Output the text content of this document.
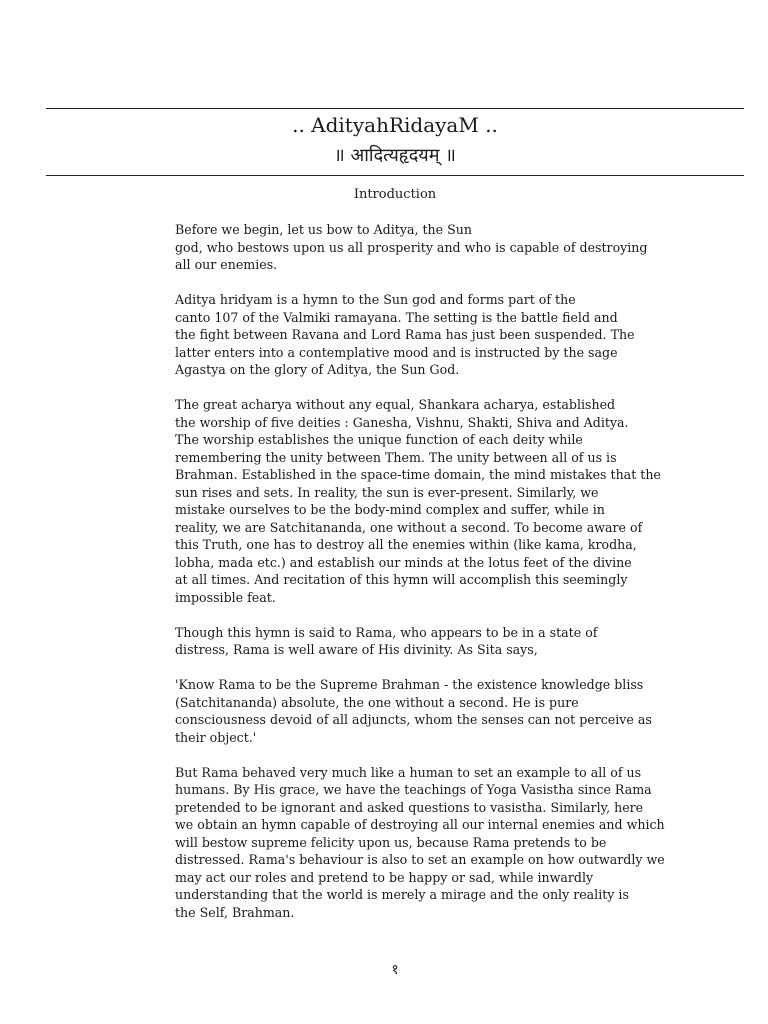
.. AdityahRidayaM ..
॥ आदित्यहृदयम् ॥
Introduction
Before we begin, let us bow to Aditya, the Sun
god, who bestows upon us all prosperity and who is capable of destroying
all our enemies.
Aditya hridyam is a hymn to the Sun god and forms part of the
canto 107 of the Valmiki ramayana. The setting is the battle field and
the fight between Ravana and Lord Rama has just been suspended. The
latter enters into a contemplative mood and is instructed by the sage
Agastya on the glory of Aditya, the Sun God.
The great acharya without any equal, Shankara acharya, established
the worship of five deities : Ganesha, Vishnu, Shakti, Shiva and Aditya.
The worship establishes the unique function of each deity while
remembering the unity between Them. The unity between all of us is
Brahman. Established in the space-time domain, the mind mistakes that the
sun rises and sets. In reality, the sun is ever-present. Similarly, we
mistake ourselves to be the body-mind complex and suffer, while in
reality, we are Satchitananda, one without a second. To become aware of
this Truth, one has to destroy all the enemies within (like kama, krodha,
lobha, mada etc.) and establish our minds at the lotus feet of the divine
at all times. And recitation of this hymn will accomplish this seemingly
impossible feat.
Though this hymn is said to Rama, who appears to be in a state of
distress, Rama is well aware of His divinity. As Sita says,
'Know Rama to be the Supreme Brahman - the existence knowledge bliss
(Satchitananda) absolute, the one without a second. He is pure
consciousness devoid of all adjuncts, whom the senses can not perceive as
their object.'
But Rama behaved very much like a human to set an example to all of us
humans. By His grace, we have the teachings of Yoga Vasistha since Rama
pretended to be ignorant and asked questions to vasistha. Similarly, here
we obtain an hymn capable of destroying all our internal enemies and which
will bestow supreme felicity upon us, because Rama pretends to be
distressed. Rama's behaviour is also to set an example on how outwardly we
may act our roles and pretend to be happy or sad, while inwardly
understanding that the world is merely a mirage and the only reality is
the Self, Brahman.
१
